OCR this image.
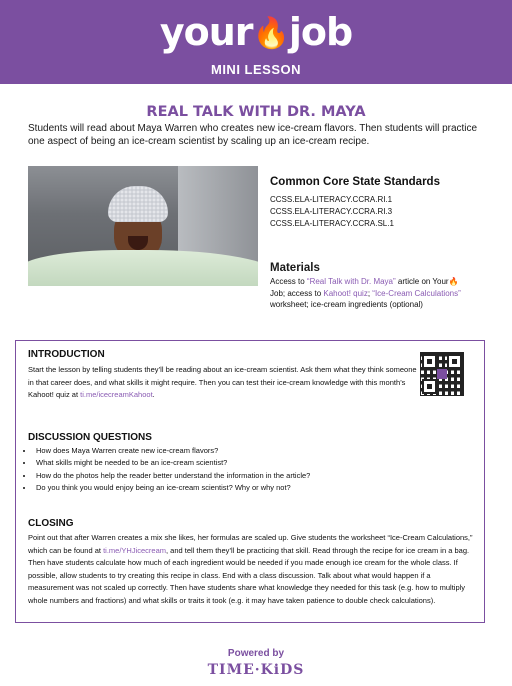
your🔥job
MINI LESSON
REAL TALK WITH DR. MAYA
Students will read about Maya Warren who creates new ice-cream flavors. Then students will practice one aspect of being an ice-cream scientist by scaling up an ice-cream recipe.
Common Core State Standards
CCSS.ELA-LITERACY.CCRA.RI.1
CCSS.ELA-LITERACY.CCRA.RI.3
CCSS.ELA-LITERACY.CCRA.SL.1
Materials
Access to “Real Talk with Dr. Maya” article on Your🔥
Job; access to Kahoot! quiz; “Ice-Cream Calculations”
worksheet; ice-cream ingredients (optional)
INTRODUCTION
Start the lesson by telling students they’ll be reading about an ice-cream scientist. Ask them what they think someone in that career does, and what skills it might require. Then you can test their ice-cream knowledge with this month’s Kahoot! quiz at ti.me/icecreamKahoot.
DISCUSSION QUESTIONS
• How does Maya Warren create new ice-cream flavors?
• What skills might be needed to be an ice-cream scientist?
• How do the photos help the reader better understand the information in the article?
• Do you think you would enjoy being an ice-cream scientist? Why or why not?
CLOSING
Point out that after Warren creates a mix she likes, her formulas are scaled up. Give students the worksheet “Ice-Cream Calculations,” which can be found at ti.me/YHJicecream, and tell them they’ll be practicing that skill. Read through the recipe for ice cream in a bag. Then have students calculate how much of each ingredient would be needed if you made enough ice cream for the whole class. If possible, allow students to try creating this recipe in class. End with a class discussion. Talk about what would happen if a measurement was not scaled up correctly. Then have students share what knowledge they needed for this task (e.g. how to multiply whole numbers and fractions) and what skills or traits it took (e.g. it may have taken patience to double check calculations).
Powered by
TIME·KiDS
